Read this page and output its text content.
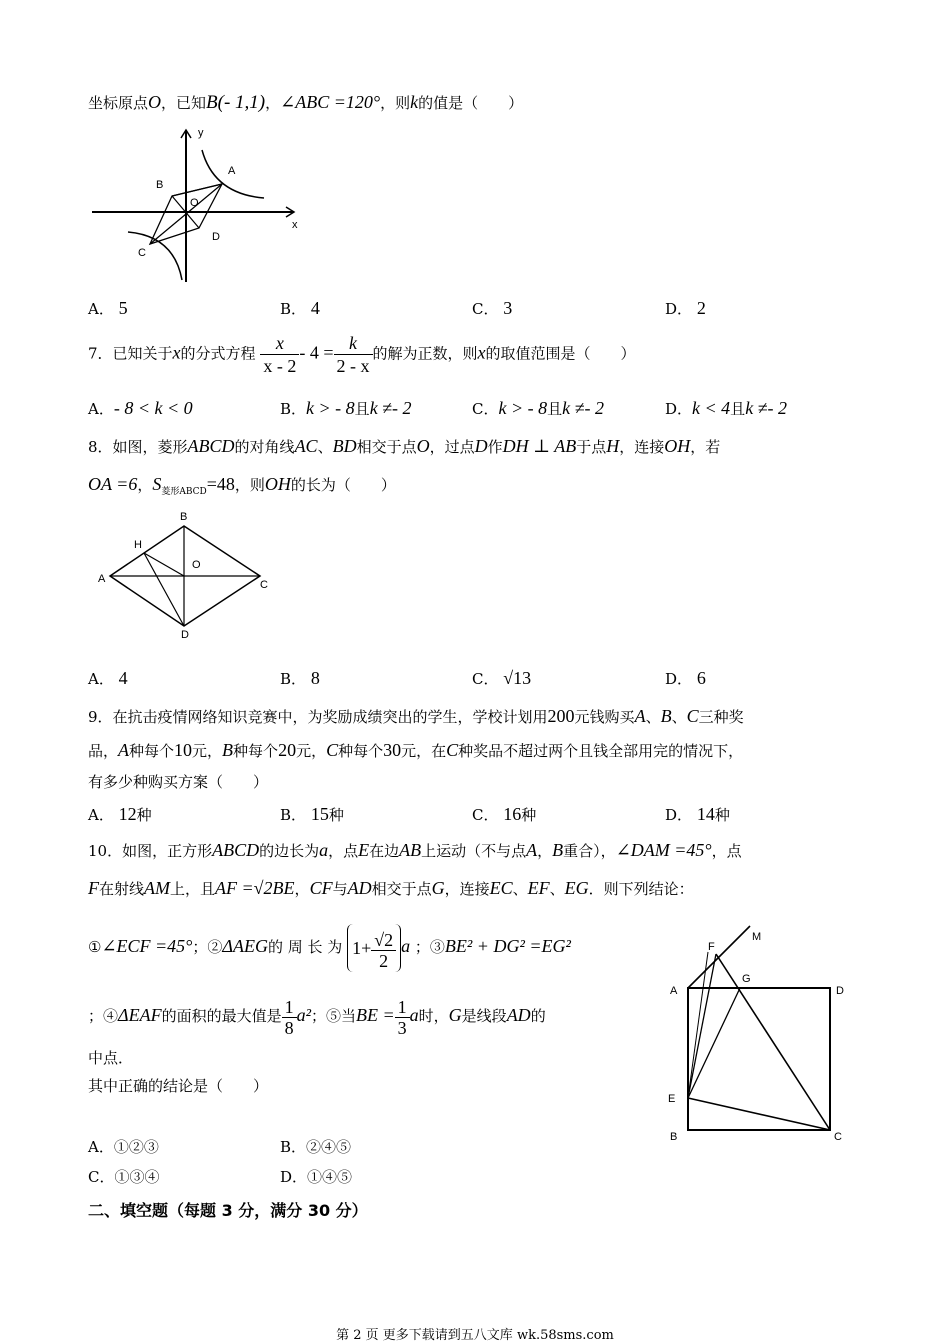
坐标原点O，已知B(- 1,1)，∠ABC =120°，则k的值是（　　）
A
B
C
D
O
x
y
A． 5	B． 4	C． 3	D． 2
7．已知关于x的分式方程 $\frac{x}{x - 2} - 4 = \frac{k}{2 - x}$ 的解为正数，则x的取值范围是（　　）
A．- 8 < k < 0	B．k > - 8且k ≠- 2	C．k > - 8且k ≠- 2	D．k < 4且k ≠- 2
8．如图，菱形ABCD的对角线AC、BD相交于点O，过点D作DH ⊥ AB于点H，连接OH，若
OA =6，$S_{菱形ABCD}=48$，则OH的长为（　　）
B
H
A
O
C
D
A． 4	B． 8	C． √13	D． 6
9．在抗击疫情网络知识竞赛中，为奖励成绩突出的学生，学校计划用200元钱购买A、B、C三种奖
品，A种每个10元，B种每个20元，C种每个30元，在C种奖品不超过两个且钱全部用完的情况下，
有多少种购买方案（　　）
A． 12种	B． 15种	C． 16种	D． 14种
10．如图，正方形ABCD的边长为a，点E在边AB上运动（不与点A，B重合），∠DAM =45°，点
F在射线AM上，且AF =√2BE，CF与AD相交于点G，连接EC、EF、EG．则下列结论：
①∠ECF =45°；②ΔAEG的 周 长 为 $1+ \frac{√2}{2}$ a ；③BE² + DG² =EG²
；④ΔEAF的面积的最大值是 $\frac{1}{8} a^2$；⑤当BE = $\frac{1}{3}$ a时，G是线段AD的
中点．
其中正确的结论是（　　）
M
F
G
A	D
E
B	C
A．①②③	B．②④⑤
C．①③④	D．①④⑤
二、填空题（每题 3 分，满分 30 分）
第 2 页 更多下载请到五八文库 wk.58sms.com
